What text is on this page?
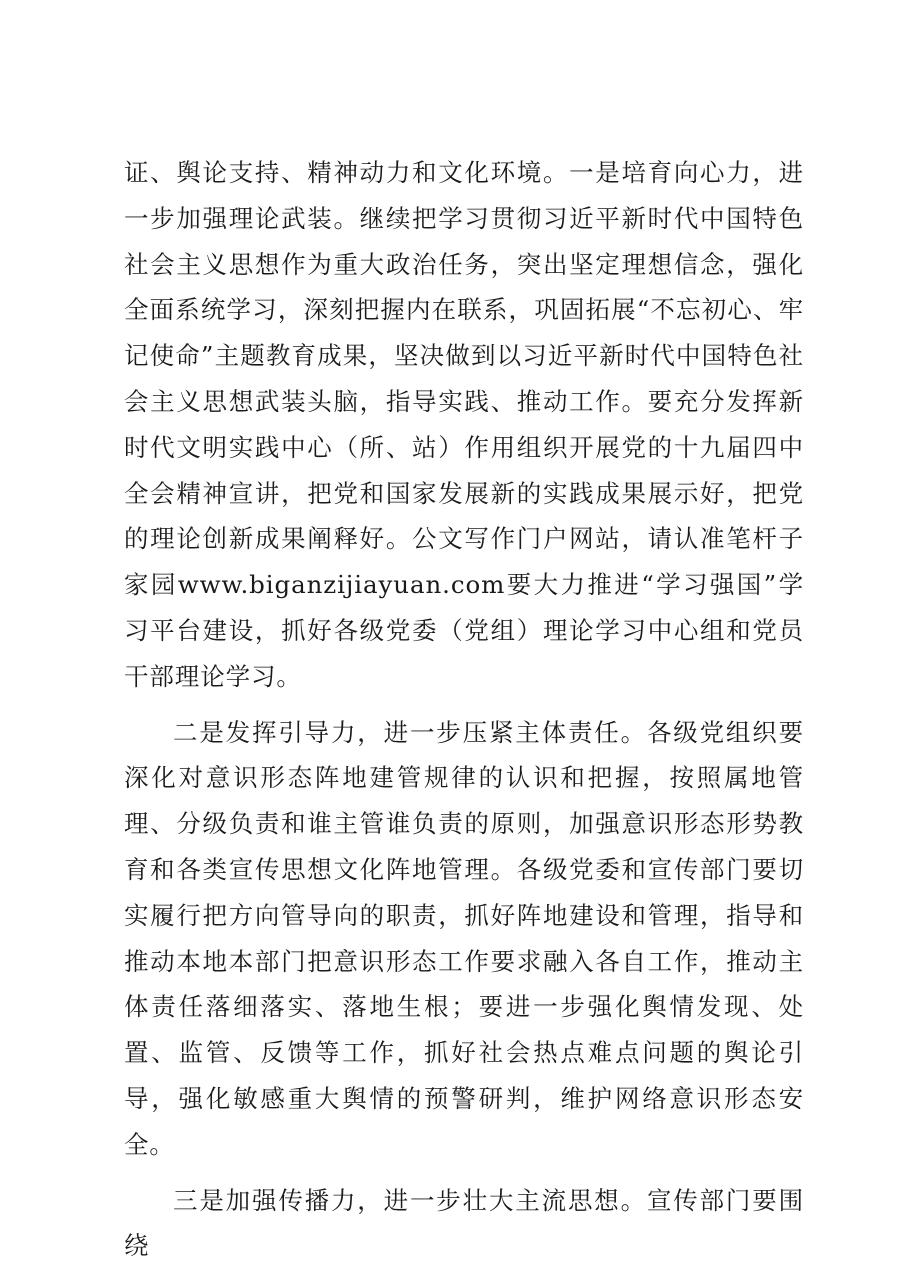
证、舆论支持、精神动力和文化环境。一是培育向心力，进一步加强理论武装。继续把学习贯彻习近平新时代中国特色社会主义思想作为重大政治任务，突出坚定理想信念，强化全面系统学习，深刻把握内在联系，巩固拓展“不忘初心、牢记使命”主题教育成果，坚决做到以习近平新时代中国特色社会主义思想武装头脑，指导实践、推动工作。要充分发挥新时代文明实践中心（所、站）作用组织开展党的十九届四中全会精神宣讲，把党和国家发展新的实践成果展示好，把党的理论创新成果阐释好。公文写作门户网站，请认准笔杆子家园www.biganzijiayuan.com要大力推进“学习强国”学习平台建设，抓好各级党委（党组）理论学习中心组和党员干部理论学习。

二是发挥引导力，进一步压紧主体责任。各级党组织要深化对意识形态阵地建管规律的认识和把握，按照属地管理、分级负责和谁主管谁负责的原则，加强意识形态形势教育和各类宣传思想文化阵地管理。各级党委和宣传部门要切实履行把方向管导向的职责，抓好阵地建设和管理，指导和推动本地本部门把意识形态工作要求融入各自工作，推动主体责任落细落实、落地生根；要进一步强化舆情发现、处置、监管、反馈等工作，抓好社会热点难点问题的舆论引导，强化敏感重大舆情的预警研判，维护网络意识形态安全。

三是加强传播力，进一步壮大主流思想。宣传部门要围绕
